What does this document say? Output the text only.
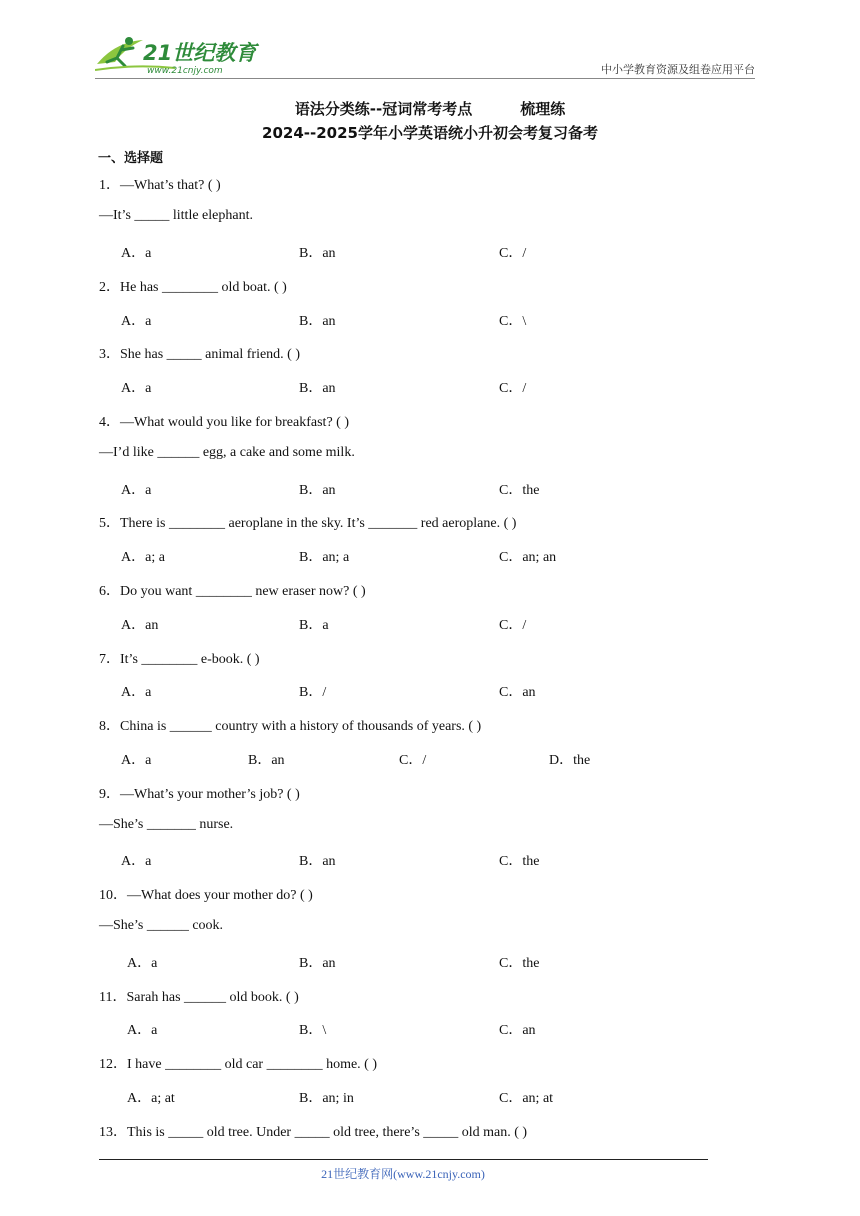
21世纪教育
www.21cnjy.com	中小学教育资源及组卷应用平台
语法分类练--冠词常考考点	梳理练
2024--2025学年小学英语统小升初会考复习备考
一、选择题
1．—What’s that? ( )
—It’s _____ little elephant.
A．a	B．an	C．/
2．He has ________ old boat. ( )
A．a	B．an	C．\
3．She has _____ animal friend. ( )
A．a	B．an	C．/
4．—What would you like for breakfast? ( )
—I’d like ______ egg, a cake and some milk.
A．a	B．an	C．the
5．There is ________ aeroplane in the sky. It’s _______ red aeroplane. ( )
A．a; a	B．an; a	C．an; an
6．Do you want ________ new eraser now? ( )
A．an	B．a	C．/
7．It’s ________ e-book. ( )
A．a	B．/	C．an
8．China is ______ country with a history of thousands of years. ( )
A．a	B．an	C．/	D．the
9．—What’s your mother’s job? ( )
—She’s _______ nurse.
A．a	B．an	C．the
10．—What does your mother do? ( )
—She’s ______ cook.
A．a	B．an	C．the
11．Sarah has ______ old book. ( )
A．a	B．\	C．an
12．I have ________ old car ________ home. ( )
A．a; at	B．an; in	C．an; at
13．This is _____ old tree. Under _____ old tree, there’s _____ old man. ( )
21世纪教育网(www.21cnjy.com)
